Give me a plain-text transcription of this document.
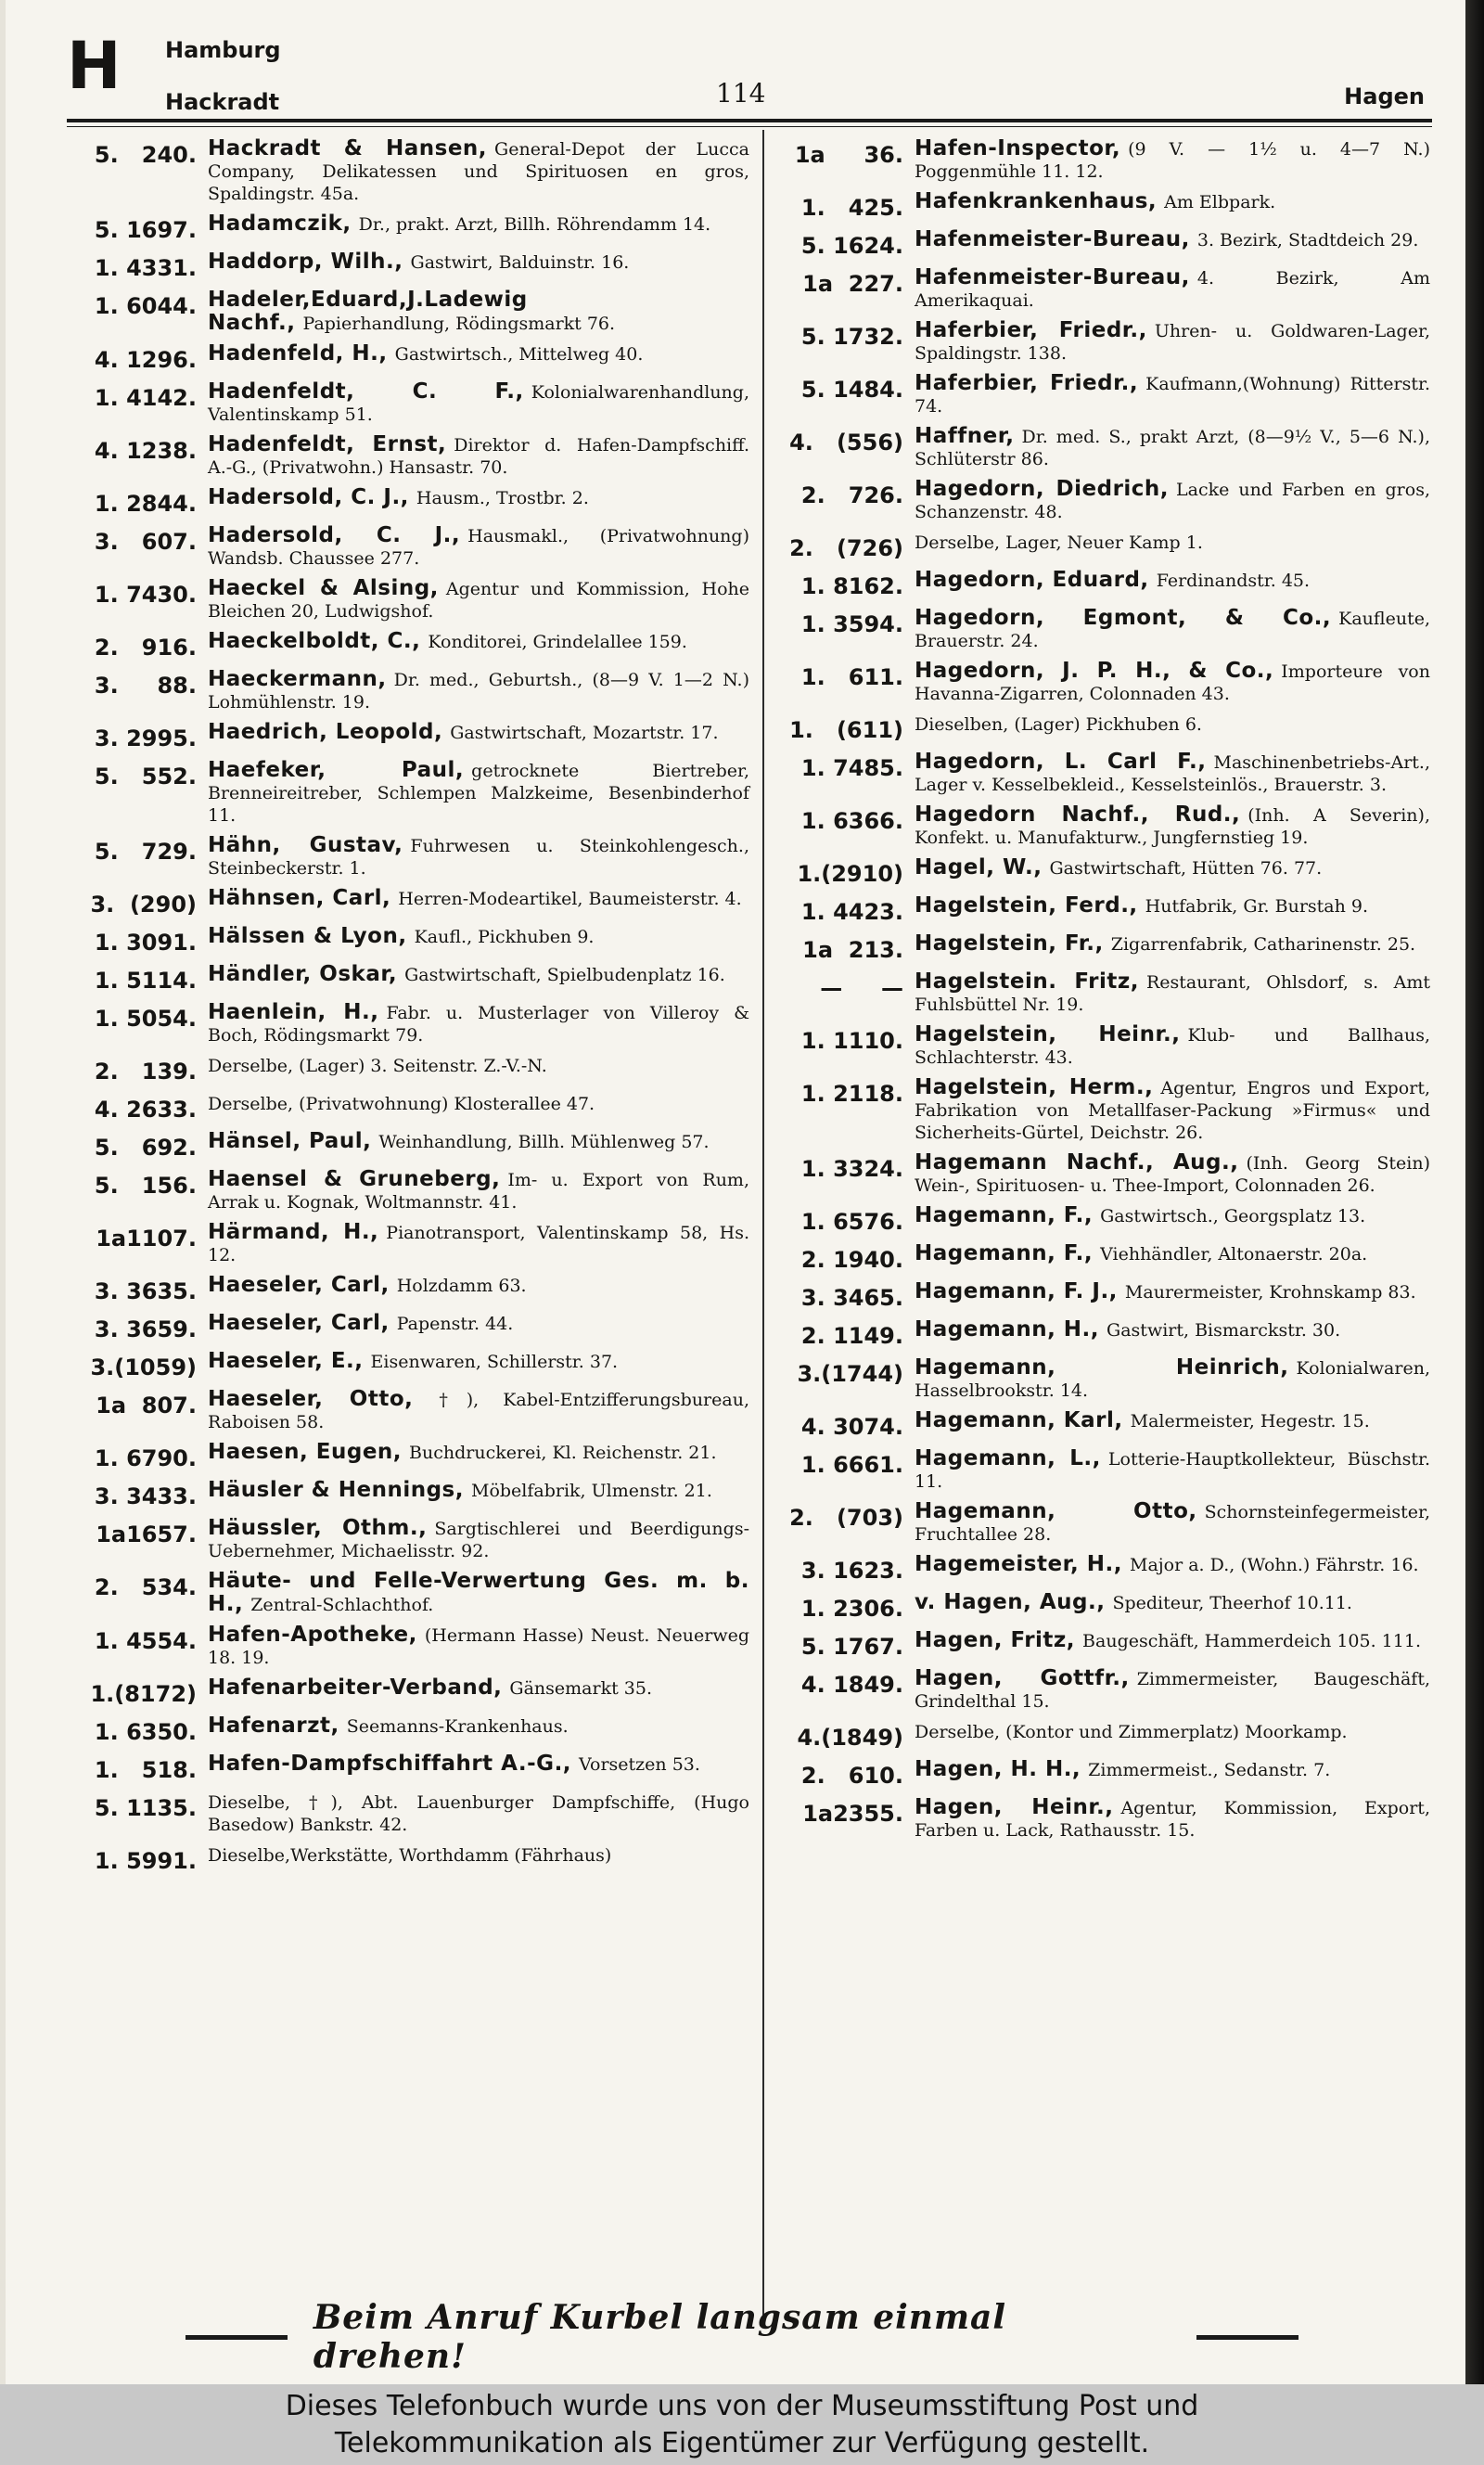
H Hamburg
Hackradt	114	Hagen
5.   240. Hackradt & Hansen, General-Depot der Lucca Company, Delikatessen und Spirituosen en gros, Spaldingstr. 45a.
5. 1697. Hadamczik, Dr., prakt. Arzt, Billh. Röhrendamm 14.
1. 4331. Haddorp, Wilh., Gastwirt, Balduinstr. 16.
1. 6044. Hadeler,Eduard,J.Ladewig Nachf., Papierhandlung, Rödingsmarkt 76.
4. 1296. Hadenfeld, H., Gastwirtsch., Mittelweg 40.
1. 4142. Hadenfeldt, C. F., Kolonialwarenhandlung, Valentinskamp 51.
4. 1238. Hadenfeldt, Ernst, Direktor d. Hafen-Dampfschiff. A.-G., (Privatwohn.) Hansastr. 70.
1. 2844. Hadersold, C. J., Hausm., Trostbr. 2.
3.   607. Hadersold, C. J., Hausmakl., (Privatwohnung) Wandsb. Chaussee 277.
1. 7430. Haeckel & Alsing, Agentur und Kommission, Hohe Bleichen 20, Ludwigshof.
2.   916. Haeckelboldt, C., Konditorei, Grindelallee 159.
3.     88. Haeckermann, Dr. med., Geburtsh., (8—9 V. 1—2 N.) Lohmühlenstr. 19.
3. 2995. Haedrich, Leopold, Gastwirtschaft, Mozartstr. 17.
5.   552. Haefeker, Paul, getrocknete Biertreber, Brenneireitreber, Schlempen Malzkeime, Besenbinderhof 11.
5.   729. Hähn, Gustav, Fuhrwesen u. Steinkohlengesch., Steinbeckerstr. 1.
3.  (290) Hähnsen, Carl, Herren-Modeartikel, Baumeisterstr. 4.
1. 3091. Hälssen & Lyon, Kaufl., Pickhuben 9.
1. 5114. Händler, Oskar, Gastwirtschaft, Spielbudenplatz 16.
1. 5054. Haenlein, H., Fabr. u. Musterlager von Villeroy & Boch, Rödingsmarkt 79.
2.   139. Derselbe, (Lager) 3. Seitenstr. Z.-V.-N.
4. 2633. Derselbe, (Privatwohnung) Klosterallee 47.
5.   692. Hänsel, Paul, Weinhandlung, Billh. Mühlenweg 57.
5.   156. Haensel & Gruneberg, Im- u. Export von Rum, Arrak u. Kognak, Woltmannstr. 41.
1a1107. Härmand, H., Pianotransport, Valentinskamp 58, Hs. 12.
3. 3635. Haeseler, Carl, Holzdamm 63.
3. 3659. Haeseler, Carl, Papenstr. 44.
3.(1059) Haeseler, E., Eisenwaren, Schillerstr. 37.
1a  807. Haeseler, Otto, †), Kabel-Entzifferungsbureau, Raboisen 58.
1. 6790. Haesen, Eugen, Buchdruckerei, Kl. Reichenstr. 21.
3. 3433. Häusler & Hennings, Möbelfabrik, Ulmenstr. 21.
1a1657. Häussler, Othm., Sargtischlerei und Beerdigungs-Uebernehmer, Michaelisstr. 92.
2.   534. Häute- und Felle-Verwertung Ges. m. b. H., Zentral-Schlachthof.
1. 4554. Hafen-Apotheke, (Hermann Hasse) Neust. Neuerweg 18. 19.
1.(8172) Hafenarbeiter-Verband, Gänsemarkt 35.
1. 6350. Hafenarzt, Seemanns-Krankenhaus.
1.   518. Hafen-Dampfschiffahrt A.-G., Vorsetzen 53.
5. 1135. Dieselbe, †), Abt. Lauenburger Dampfschiffe, (Hugo Basedow) Bankstr. 42.
1. 5991. Dieselbe,Werkstätte, Worthdamm (Fährhaus)
1a     36. Hafen-Inspector, (9 V. — 1½ u. 4—7 N.) Poggenmühle 11. 12.
1.   425. Hafenkrankenhaus, Am Elbpark.
5. 1624. Hafenmeister-Bureau, 3. Bezirk, Stadtdeich 29.
1a  227. Hafenmeister-Bureau, 4. Bezirk, Am Amerikaquai.
5. 1732. Haferbier, Friedr., Uhren- u. Goldwaren-Lager, Spaldingstr. 138.
5. 1484. Haferbier, Friedr., Kaufmann,(Wohnung) Ritterstr. 74.
4.   (556) Haffner, Dr. med. S., prakt Arzt, (8—9½ V., 5—6 N.), Schlüterstr 86.
2.   726. Hagedorn, Diedrich, Lacke und Farben en gros, Schanzenstr. 48.
2.   (726) Derselbe, Lager, Neuer Kamp 1.
1. 8162. Hagedorn, Eduard, Ferdinandstr. 45.
1. 3594. Hagedorn, Egmont, & Co., Kaufleute, Brauerstr. 24.
1.   611. Hagedorn, J. P. H., & Co., Importeure von Havanna-Zigarren, Colonnaden 43.
1.   (611) Dieselben, (Lager) Pickhuben 6.
1. 7485. Hagedorn, L. Carl F., Maschinenbetriebs-Art., Lager v. Kesselbekleid., Kesselsteinlös., Brauerstr. 3.
1. 6366. Hagedorn Nachf., Rud., (Inh. A Severin), Konfekt. u. Manufakturw., Jungfernstieg 19.
1.(2910) Hagel, W., Gastwirtschaft, Hütten 76. 77.
1. 4423. Hagelstein, Ferd., Hutfabrik, Gr. Burstah 9.
1a  213. Hagelstein, Fr., Zigarrenfabrik, Catharinenstr. 25.
—     — Hagelstein. Fritz, Restaurant, Ohlsdorf, s. Amt Fuhlsbüttel Nr. 19.
1. 1110. Hagelstein, Heinr., Klub- und Ballhaus, Schlachterstr. 43.
1. 2118. Hagelstein, Herm., Agentur, Engros und Export, Fabrikation von Metallfaser-Packung »Firmus« und Sicherheits-Gürtel, Deichstr. 26.
1. 3324. Hagemann Nachf., Aug., (Inh. Georg Stein) Wein-, Spirituosen- u. Thee-Import, Colonnaden 26.
1. 6576. Hagemann, F., Gastwirtsch., Georgsplatz 13.
2. 1940. Hagemann, F., Viehhändler, Altonaerstr. 20a.
3. 3465. Hagemann, F. J., Maurermeister, Krohnskamp 83.
2. 1149. Hagemann, H., Gastwirt, Bismarckstr. 30.
3.(1744) Hagemann, Heinrich, Kolonialwaren, Hasselbrookstr. 14.
4. 3074. Hagemann, Karl, Malermeister, Hegestr. 15.
1. 6661. Hagemann, L., Lotterie-Hauptkollekteur, Büschstr. 11.
2.   (703) Hagemann, Otto, Schornsteinfegermeister, Fruchtallee 28.
3. 1623. Hagemeister, H., Major a. D., (Wohn.) Fährstr. 16.
1. 2306. v. Hagen, Aug., Spediteur, Theerhof 10.11.
5. 1767. Hagen, Fritz, Baugeschäft, Hammerdeich 105. 111.
4. 1849. Hagen, Gottfr., Zimmermeister, Baugeschäft, Grindelthal 15.
4.(1849) Derselbe, (Kontor und Zimmerplatz) Moorkamp.
2.   610. Hagen, H. H., Zimmermeist., Sedanstr. 7.
1a2355. Hagen, Heinr., Agentur, Kommission, Export, Farben u. Lack, Rathausstr. 15.
Beim Anruf Kurbel langsam einmal drehen!
Dieses Telefonbuch wurde uns von der Museumsstiftung Post und
Telekommunikation als Eigentümer zur Verfügung gestellt.
